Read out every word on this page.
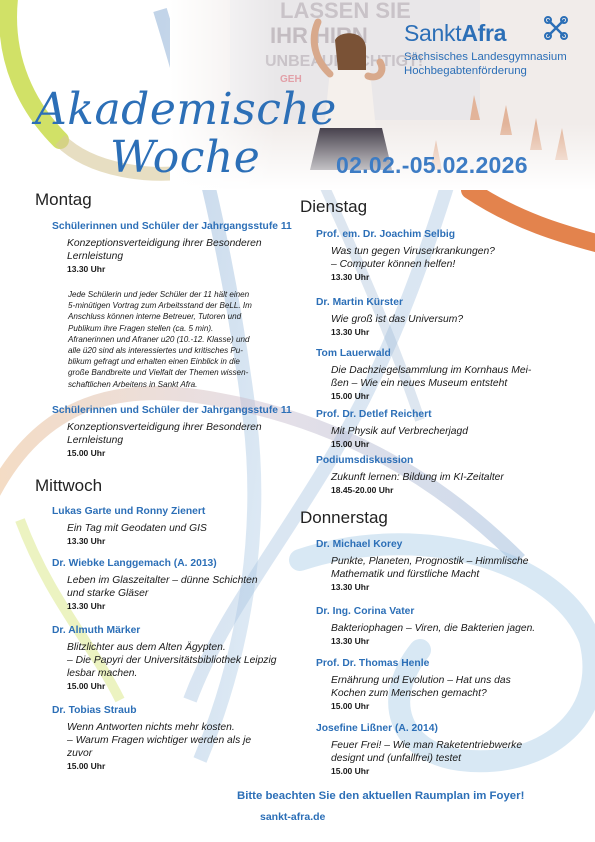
SanktAfra
Sächsisches Landesgymnasium
Hochbegabtenförderung
Akademische
Woche	02.02.-05.02.2026
Montag
Schülerinnen und Schüler der Jahrgangsstufe 11
Konzeptionsverteidigung ihrer Besonderen
Lernleistung
13.30 Uhr
Jede Schülerin und jeder Schüler der 11 hält einen
5-minütigen Vortrag zum Arbeitsstand der BeLL. Im
Anschluss können interne Betreuer, Tutoren und
Publikum ihre Fragen stellen (ca. 5 min).
Afranerinnen und Afraner u20 (10.-12. Klasse) und
alle ü20 sind als interessiertes und kritisches Pu-
blikum gefragt und erhalten einen Einblick in die
große Bandbreite und Vielfalt der Themen wissen-
schaftlichen Arbeitens in Sankt Afra.
Schülerinnen und Schüler der Jahrgangsstufe 11
Konzeptionsverteidigung ihrer Besonderen
Lernleistung
15.00 Uhr
Mittwoch
Lukas Garte und Ronny Zienert
Ein Tag mit Geodaten und GIS
13.30 Uhr
Dr. Wiebke Langgemach (A. 2013)
Leben im Glaszeitalter – dünne Schichten
und starke Gläser
13.30 Uhr
Dr. Almuth Märker
Blitzlichter aus dem Alten Ägypten.
– Die Papyri der Universitätsbibliothek Leipzig
lesbar machen.
15.00 Uhr
Dr. Tobias Straub
Wenn Antworten nichts mehr kosten.
– Warum Fragen wichtiger werden als je
zuvor
15.00 Uhr
Dienstag
Prof. em. Dr. Joachim Selbig
Was tun gegen Viruserkrankungen?
– Computer können helfen!
13.30 Uhr
Dr. Martin Kürster
Wie groß ist das Universum?
13.30 Uhr
Tom Lauerwald
Die Dachziegelsammlung im Kornhaus Mei-
ßen – Wie ein neues Museum entsteht
15.00 Uhr
Prof. Dr. Detlef Reichert
Mit Physik auf Verbrecherjagd
15.00 Uhr
Podiumsdiskussion
Zukunft lernen: Bildung im KI-Zeitalter
18.45-20.00 Uhr
Donnerstag
Dr. Michael Korey
Punkte, Planeten, Prognostik – Himmlische
Mathematik und fürstliche Macht
13.30 Uhr
Dr. Ing. Corina Vater
Bakteriophagen – Viren, die Bakterien jagen.
13.30 Uhr
Prof. Dr. Thomas Henle
Ernährung und Evolution – Hat uns das
Kochen zum Menschen gemacht?
15.00 Uhr
Josefine Lißner (A. 2014)
Feuer Frei! – Wie man Raketentriebwerke
designt und (unfallfrei) testet
15.00 Uhr
Bitte beachten Sie den aktuellen Raumplan im Foyer!
sankt-afra.de
